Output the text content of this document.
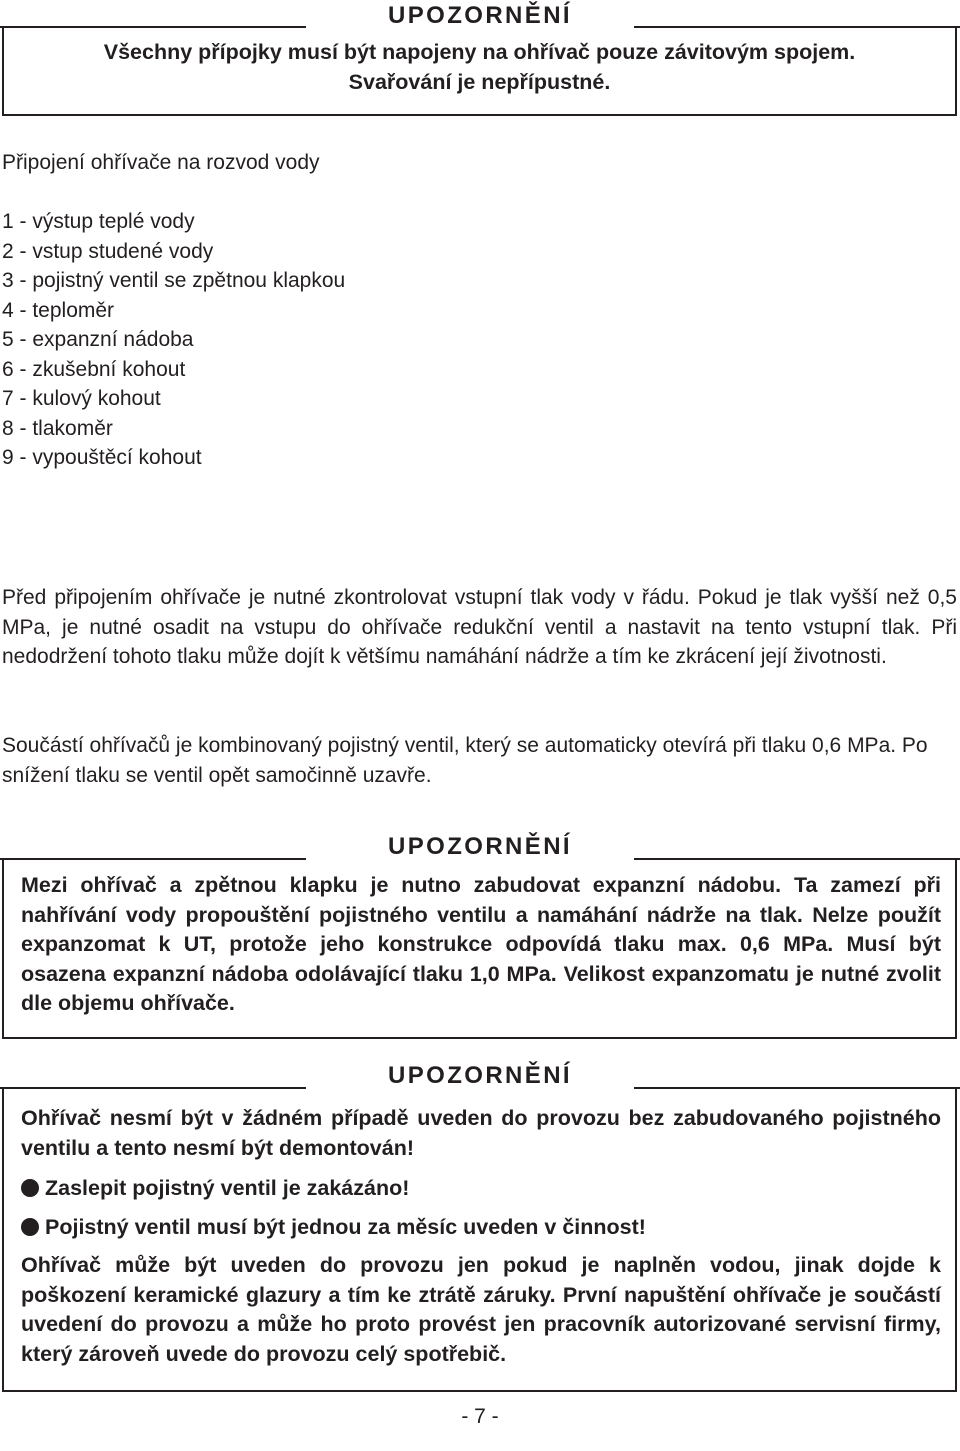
UPOZORNĚNÍ

Všechny přípojky musí být napojeny na ohřívač pouze závitovým spojem.

Svařování je nepřípustné.

Připojení ohřívače na rozvod vody
1 - výstup teplé vody
2 - vstup studené vody
3 - pojistný ventil se zpětnou klapkou
4 - teploměr
5 - expanzní nádoba
6 - zkušební kohout
7 - kulový kohout
8 - tlakoměr
9 - vypouštěcí kohout

Před připojením ohřívače je nutné zkontrolovat vstupní tlak vody v řádu. Pokud je tlak vyšší než 0,5 MPa, je nutné osadit na vstupu do ohřívače redukční ventil a nastavit na tento vstupní tlak. Při nedodržení tohoto tlaku může dojít k většímu namáhání nádrže a tím ke zkrácení její životnosti.

Součástí ohřívačů je kombinovaný pojistný ventil, který se automaticky otevírá při tlaku 0,6 MPa. Po snížení tlaku se ventil opět samočinně uzavře.

UPOZORNĚNÍ

Mezi ohřívač a zpětnou klapku je nutno zabudovat expanzní nádobu. Ta zamezí při nahřívání vody propouštění pojistného ventilu a namáhání nádrže na tlak. Nelze použít expanzomat k UT, protože jeho konstrukce odpovídá tlaku max. 0,6 MPa. Musí být osazena expanzní nádoba odolávající tlaku 1,0 MPa. Velikost expanzomatu je nutné zvolit dle objemu ohřívače.

UPOZORNĚNÍ

Ohřívač nesmí být v žádném případě uveden do provozu bez zabudovaného pojistného ventilu a tento nesmí být demontován!

Zaslepit pojistný ventil je zakázáno!
Pojistný ventil musí být jednou za měsíc uveden v činnost!

Ohřívač může být uveden do provozu jen pokud je naplněn vodou, jinak dojde k poškození keramické glazury a tím ke ztrátě záruky. První napuštění ohřívače je součástí uvedení do provozu a může ho proto provést jen pracovník autorizované servisní firmy, který zároveň uvede do provozu celý spotřebič.

- 7 -
